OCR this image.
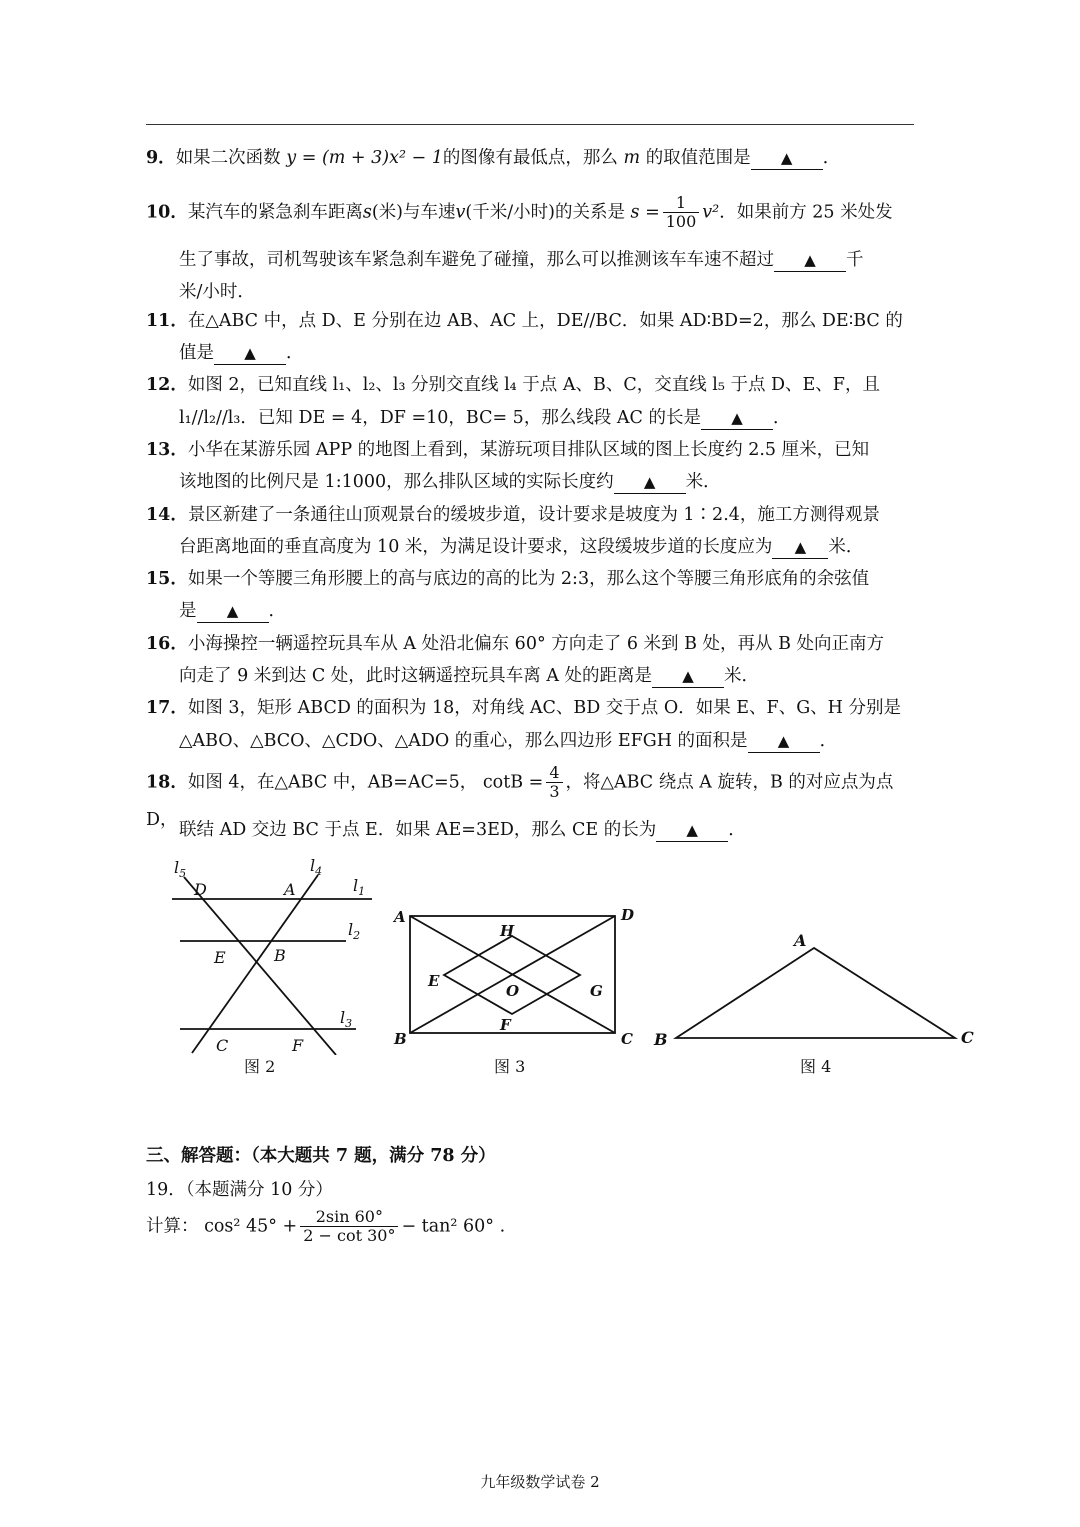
9．如果二次函数 y = (m + 3)x² − 1的图像有最低点，那么 m 的取值范围是 ▲ ．
10．某汽车的紧急刹车距离s(米)与车速v(千米/小时)的关系是 $s = \frac{1}{100} v^2$．如果前方 25 米处发
生了事故，司机驾驶该车紧急刹车避免了碰撞，那么可以推测该车车速不超过 ▲ 千
米/小时．
11．在△ABC 中，点 D、E 分别在边 AB、AC 上，DE//BC．如果 AD∶BD=2，那么 DE∶BC 的
值是 ▲ ．
12．如图 2，已知直线 l₁、l₂、l₃ 分别交直线 l₄ 于点 A、B、C，交直线 l₅ 于点 D、E、F，且
l₁//l₂//l₃．已知 DE = 4，DF =10，BC= 5，那么线段 AC 的长是 ▲ ．
13．小华在某游乐园 APP 的地图上看到，某游玩项目排队区域的图上长度约 2.5 厘米，已知
该地图的比例尺是 1:1000，那么排队区域的实际长度约 ▲ 米．
14．景区新建了一条通往山顶观景台的缓坡步道，设计要求是坡度为 1∶2.4，施工方测得观景
台距离地面的垂直高度为 10 米，为满足设计要求，这段缓坡步道的长度应为 ▲ 米．
15．如果一个等腰三角形腰上的高与底边的高的比为 2:3，那么这个等腰三角形底角的余弦值
是 ▲ ．
16．小海操控一辆遥控玩具车从 A 处沿北偏东 60° 方向走了 6 米到 B 处，再从 B 处向正南方
向走了 9 米到达 C 处，此时这辆遥控玩具车离 A 处的距离是 ▲ 米．
17．如图 3，矩形 ABCD 的面积为 18，对角线 AC、BD 交于点 O．如果 E、F、G、H 分别是
△ABO、△BCO、△CDO、△ADO 的重心，那么四边形 EFGH 的面积是 ▲ ．
18．如图 4，在△ABC 中，AB=AC=5， $\cot B = \frac{4}{3}$ ，将△ABC 绕点 A 旋转，B 的对应点为点 D，
联结 AD 交边 BC 于点 E．如果 AE=3ED，那么 CE 的长为 ▲ ．
$l_5$
D	A
$l_4$
$l_1$
$l_2$
E	B
$l_3$
C	F
图 2
A	D
H
E
O	G
F
B	C
图 3
A
B	C
图 4
三、解答题：（本大题共 7 题，满分 78 分）
19．（本题满分 10 分）
计算： cos² $45^\circ + \frac{2\sin 60^\circ}{2 - \cot 30^\circ} - \tan^2$ 60° .
九年级数学试卷 2
